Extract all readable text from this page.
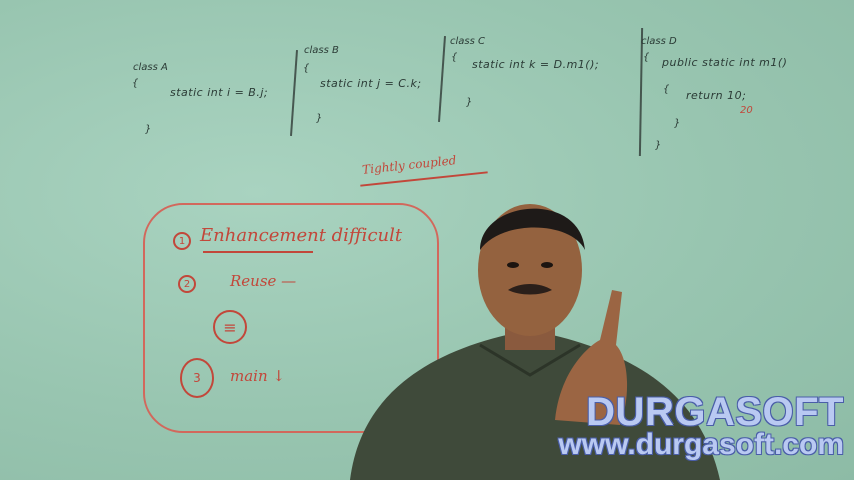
class A
{
static int i = B.j;
}
class B
{
static int j = C.k;
}
class C
{
static int k = D.m1();
}
class D
{ public static int m1()
{ return 10;
20
}
}
Tightly coupled
1 Enhancement difficult
2	Reuse —
≡
3	main ↓
DURGASOFT
www.durgasoft.com
